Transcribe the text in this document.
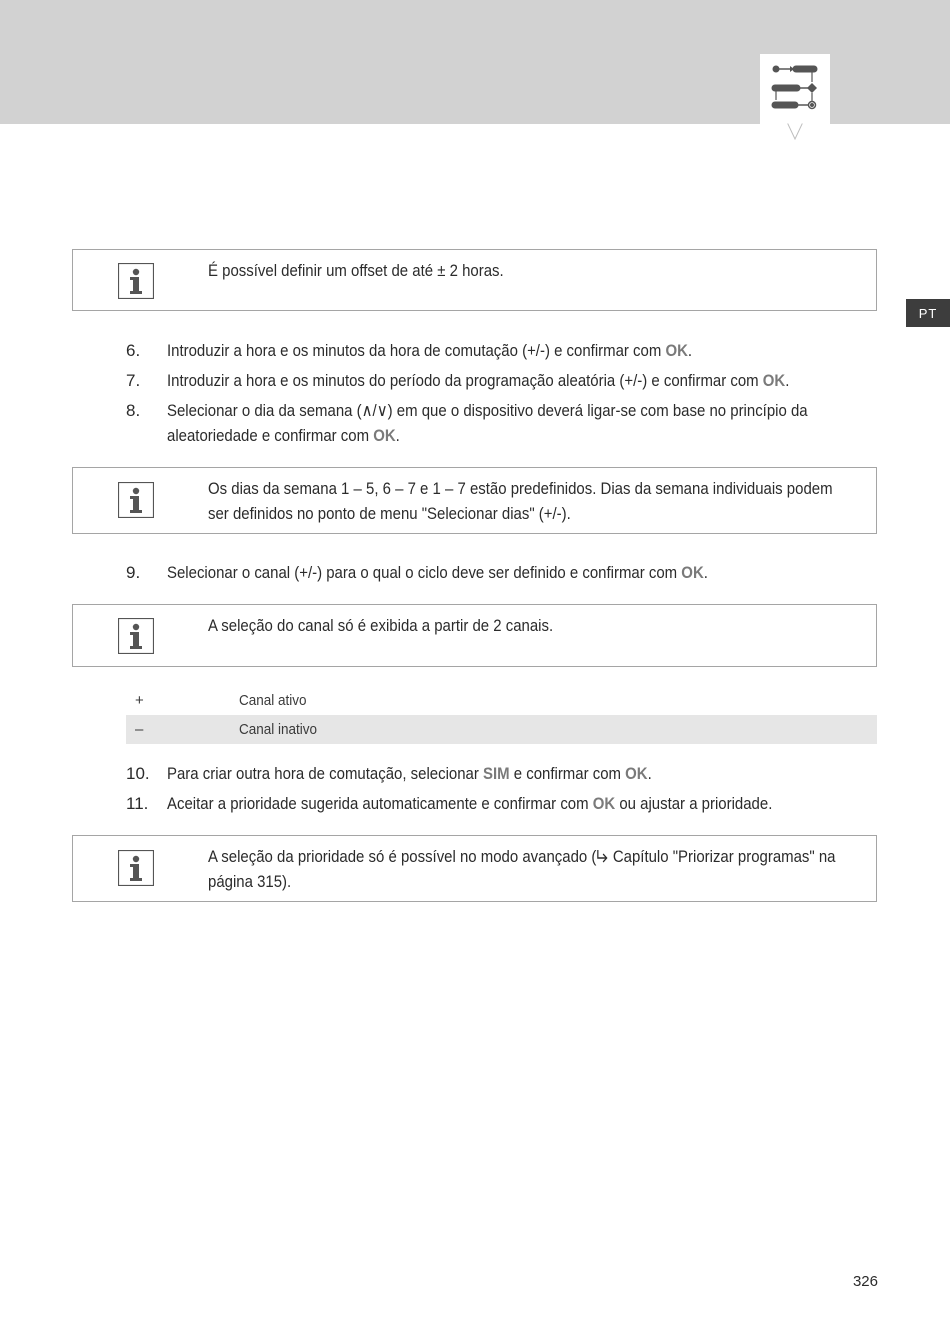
PT
É possível definir um offset de até ± 2 horas.
6. Introduzir a hora e os minutos da hora de comutação (+/-) e confirmar com OK.
7. Introduzir a hora e os minutos do período da programação aleatória (+/-) e confirmar com OK.
8. Selecionar o dia da semana (∧/∨) em que o dispositivo deverá ligar-se com base no princípio da
aleatoriedade e confirmar com OK.
Os dias da semana 1 – 5, 6 – 7 e 1 – 7 estão predefinidos. Dias da semana individuais podem ser definidos no ponto de menu "Selecionar dias" (+/-).
9. Selecionar o canal (+/-) para o qual o ciclo deve ser definido e confirmar com OK.
A seleção do canal só é exibida a partir de 2 canais.
+	Canal ativo
–	Canal inativo
10. Para criar outra hora de comutação, selecionar SIM e confirmar com OK.
11. Aceitar a prioridade sugerida automaticamente e confirmar com OK ou ajustar a prioridade.
A seleção da prioridade só é possível no modo avançado ( Capítulo "Priorizar programas" na página 315).
326
